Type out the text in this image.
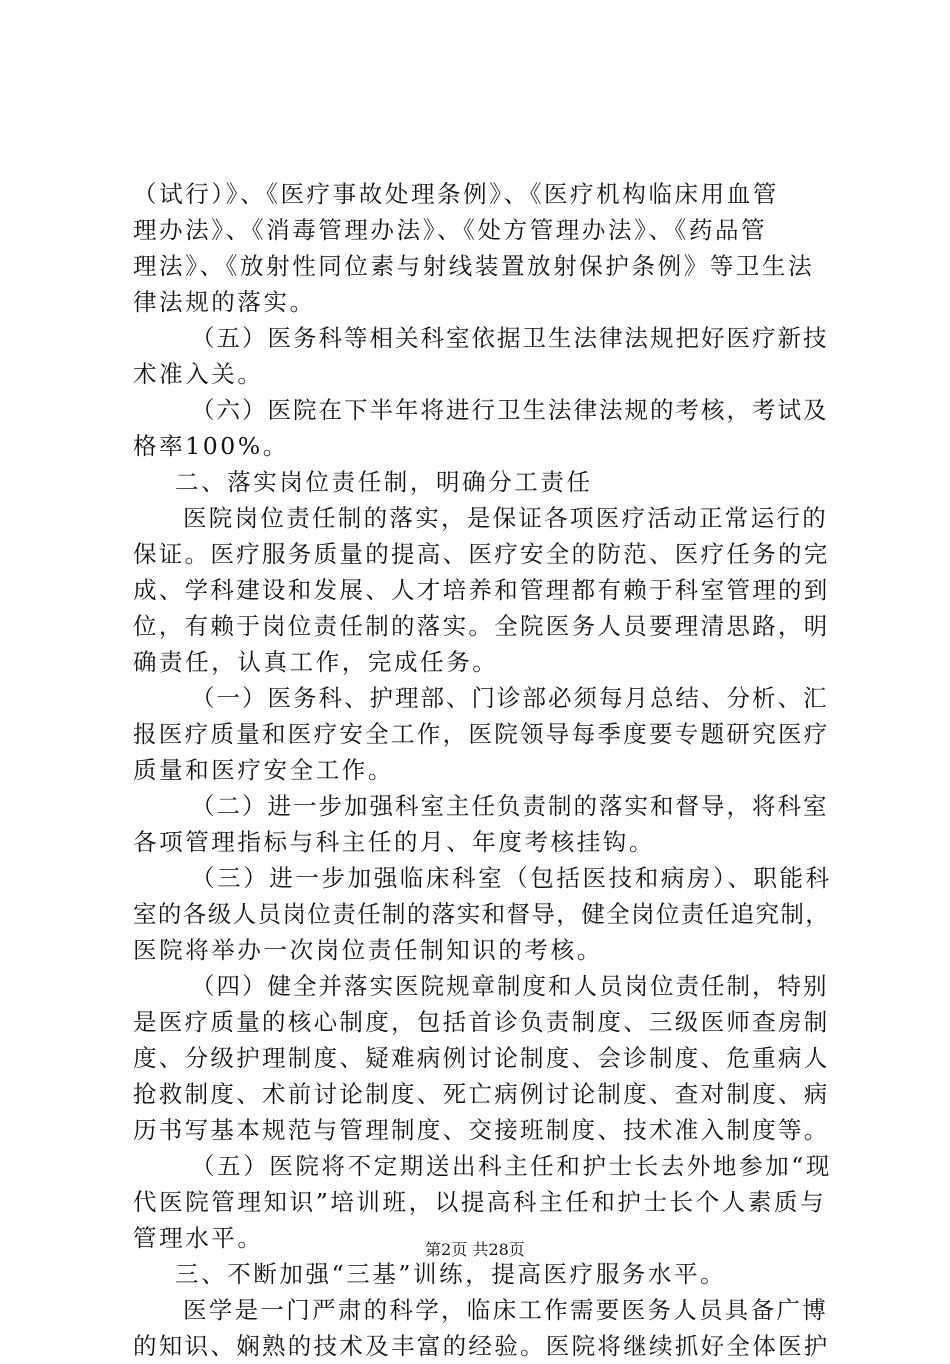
（试行）》、《医疗事故处理条例》、《医疗机构临床用血管
理办法》、《消毒管理办法》、《处方管理办法》、《药品管
理法》、《放射性同位素与射线装置放射保护条例》等卫生法
律法规的落实。
（五）医务科等相关科室依据卫生法律法规把好医疗新技
术准入关。
（六）医院在下半年将进行卫生法律法规的考核，考试及
格率100%。
二、落实岗位责任制，明确分工责任
医院岗位责任制的落实，是保证各项医疗活动正常运行的
保证。医疗服务质量的提高、医疗安全的防范、医疗任务的完
成、学科建设和发展、人才培养和管理都有赖于科室管理的到
位，有赖于岗位责任制的落实。全院医务人员要理清思路，明
确责任，认真工作，完成任务。
（一）医务科、护理部、门诊部必须每月总结、分析、汇
报医疗质量和医疗安全工作，医院领导每季度要专题研究医疗
质量和医疗安全工作。
（二）进一步加强科室主任负责制的落实和督导，将科室
各项管理指标与科主任的月、年度考核挂钩。
（三）进一步加强临床科室（包括医技和病房）、职能科
室的各级人员岗位责任制的落实和督导，健全岗位责任追究制，
医院将举办一次岗位责任制知识的考核。
（四）健全并落实医院规章制度和人员岗位责任制，特别
是医疗质量的核心制度，包括首诊负责制度、三级医师查房制
度、分级护理制度、疑难病例讨论制度、会诊制度、危重病人
抢救制度、术前讨论制度、死亡病例讨论制度、查对制度、病
历书写基本规范与管理制度、交接班制度、技术准入制度等。
（五）医院将不定期送出科主任和护士长去外地参加“现
代医院管理知识”培训班，以提高科主任和护士长个人素质与
管理水平。
三、不断加强“三基”训练，提高医疗服务水平。
医学是一门严肃的科学，临床工作需要医务人员具备广博
的知识、娴熟的技术及丰富的经验。医院将继续抓好全体医护
第2页 共28页
